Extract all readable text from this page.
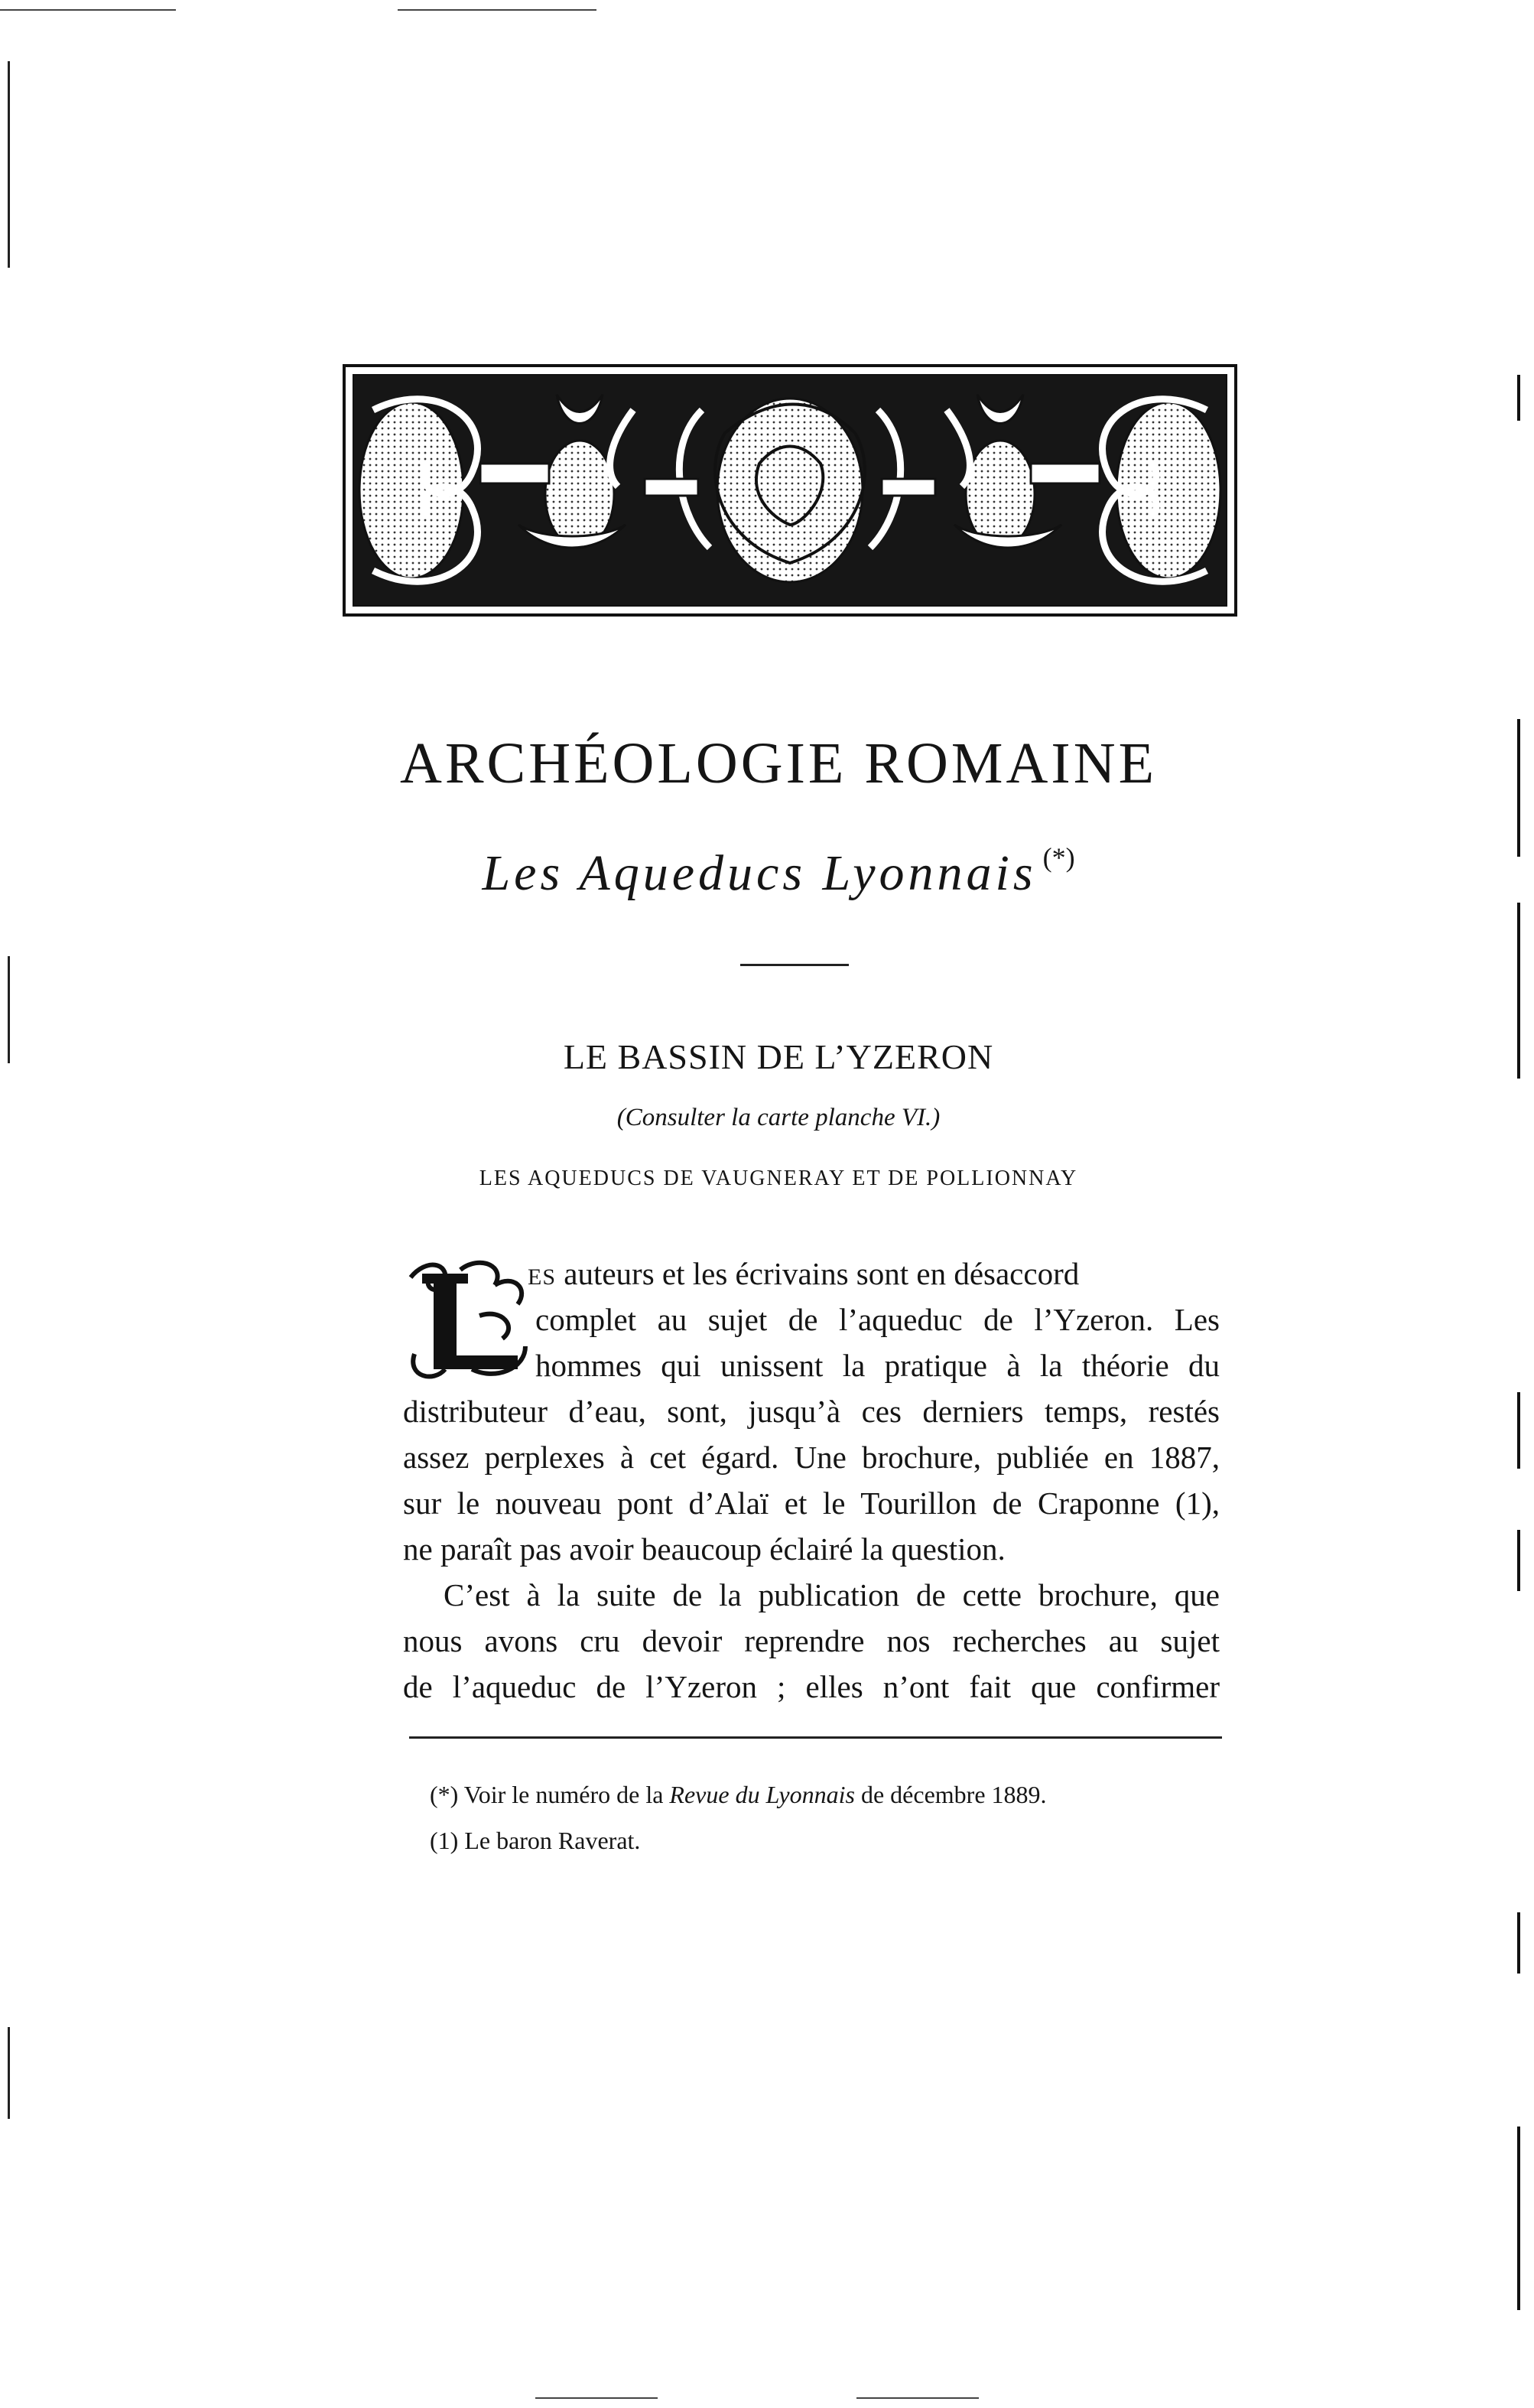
ARCHÉOLOGIE ROMAINE
Les Aqueducs Lyonnais (*)
LE BASSIN DE L’YZERON
(Consulter la carte planche VI.)
LES AQUEDUCS DE VAUGNERAY ET DE POLLIONNAY
ES auteurs et les écrivains sont en désaccord
complet au sujet de l’aqueduc de l’Yzeron. Les
hommes qui unissent la pratique à la théorie du
distributeur d’eau, sont, jusqu’à ces derniers temps, restés
assez perplexes à cet égard. Une brochure, publiée en 1887,
sur le nouveau pont d’Alaï et le Tourillon de Craponne (1),
ne paraît pas avoir beaucoup éclairé la question.
C’est à la suite de la publication de cette brochure, que
nous avons cru devoir reprendre nos recherches au sujet
de l’aqueduc de l’Yzeron ; elles n’ont fait que confirmer
(*) Voir le numéro de la Revue du Lyonnais de décembre 1889.
(1) Le baron Raverat.
